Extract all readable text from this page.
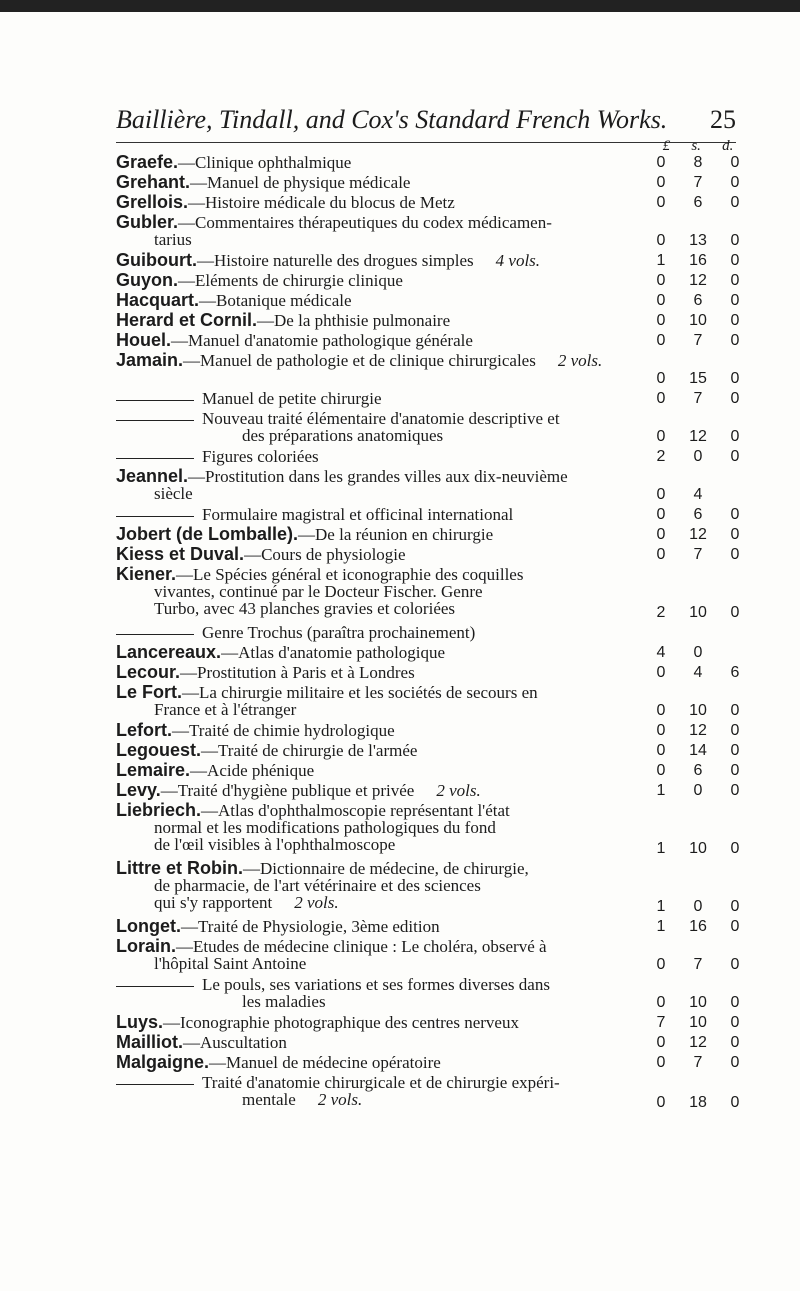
Baillière, Tindall, and Cox's Standard French Works. 25
£ s. d.
Graefe.—Clinique ophthalmique	0	8	0
Grehant.—Manuel de physique médicale	0	7	0
Grellois.—Histoire médicale du blocus de Metz	0	6	0
Gubler.—Commentaires thérapeutiques du codex médicamen-
tarius	0	13	0
Guibourt.—Histoire naturelle des drogues simples 4 vols.	1	16	0
Guyon.—Eléments de chirurgie clinique	0	12	0
Hacquart.—Botanique médicale	0	6	0
Herard et Cornil.—De la phthisie pulmonaire	0	10	0
Houel.—Manuel d'anatomie pathologique générale	0	7	0
Jamain.—Manuel de pathologie et de clinique chirurgicales 2 vols.
0	15	0
Manuel de petite chirurgie	0	7	0
Nouveau traité élémentaire d'anatomie descriptive et
des préparations anatomiques	0	12	0
Figures coloriées	2	0	0
Jeannel.—Prostitution dans les grandes villes aux dix-neuvième
siècle	0	4
Formulaire magistral et officinal international	0	6	0
Jobert (de Lomballe).—De la réunion en chirurgie	0	12	0
Kiess et Duval.—Cours de physiologie	0	7	0
Kiener.—Le Spécies général et iconographie des coquilles
vivantes, continué par le Docteur Fischer. Genre
Turbo, avec 43 planches gravies et coloriées	2	10	0
Genre Trochus (paraîtra prochainement)
Lancereaux.—Atlas d'anatomie pathologique	4	0
Lecour.—Prostitution à Paris et à Londres	0	4	6
Le Fort.—La chirurgie militaire et les sociétés de secours en
France et à l'étranger	0	10	0
Lefort.—Traité de chimie hydrologique	0	12	0
Legouest.—Traité de chirurgie de l'armée	0	14	0
Lemaire.—Acide phénique	0	6	0
Levy.—Traité d'hygiène publique et privée 2 vols.	1	0	0
Liebriech.—Atlas d'ophthalmoscopie représentant l'état
normal et les modifications pathologiques du fond
de l'œil visibles à l'ophthalmoscope	1	10	0
Littre et Robin.—Dictionnaire de médecine, de chirurgie,
de pharmacie, de l'art vétérinaire et des sciences
qui s'y rapportent 2 vols.	1	0	0
Longet.—Traité de Physiologie, 3ème edition	1	16	0
Lorain.—Etudes de médecine clinique : Le choléra, observé à
l'hôpital Saint Antoine	0	7	0
Le pouls, ses variations et ses formes diverses dans
les maladies	0	10	0
Luys.—Iconographie photographique des centres nerveux	7	10	0
Mailliot.—Auscultation	0	12	0
Malgaigne.—Manuel de médecine opératoire	0	7	0
Traité d'anatomie chirurgicale et de chirurgie expéri-
mentale 2 vols.	0	18	0
